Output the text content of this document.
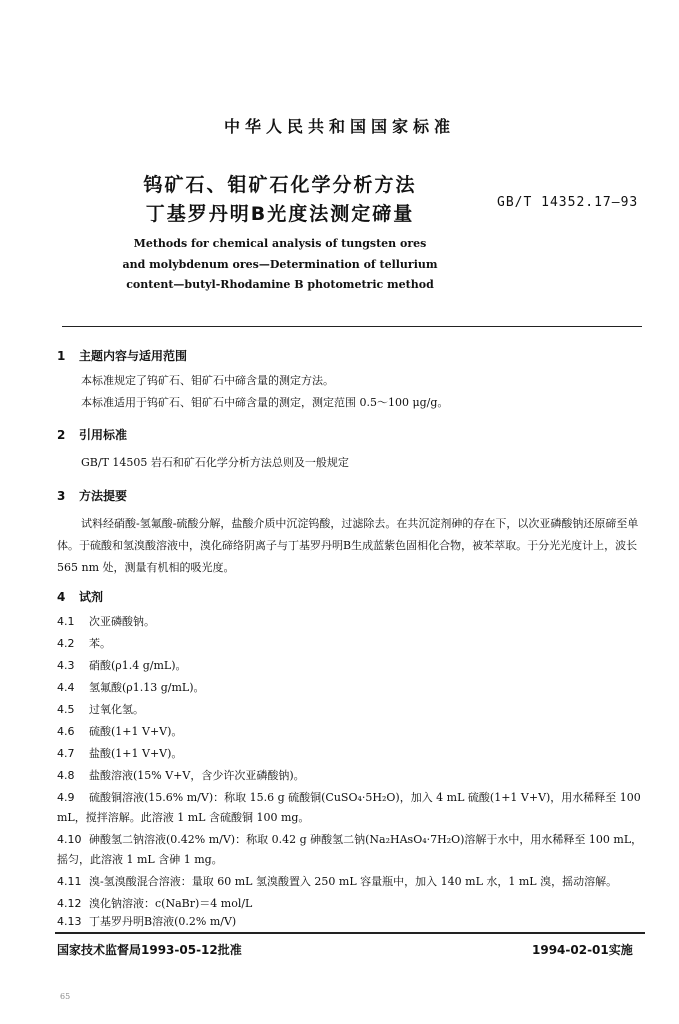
中华人民共和国国家标准
钨矿石、钼矿石化学分析方法
丁基罗丹明B光度法测定碲量
GB/T 14352.17—93
Methods for chemical analysis of tungsten ores
and molybdenum ores—Determination of tellurium
content—butyl-Rhodamine B photometric method
1 主题内容与适用范围
本标准规定了钨矿石、钼矿石中碲含量的测定方法。
本标准适用于钨矿石、钼矿石中碲含量的测定，测定范围 0.5～100 μg/g。
2 引用标准
GB/T 14505 岩石和矿石化学分析方法总则及一般规定
3 方法提要
试料经硝酸-氢氟酸-硫酸分解，盐酸介质中沉淀钨酸，过滤除去。在共沉淀剂砷的存在下，以次亚磷酸钠还原碲至单体。于硫酸和氢溴酸溶液中，溴化碲络阴离子与丁基罗丹明B生成蓝紫色固相化合物，被苯萃取。于分光光度计上，波长 565 nm 处，测量有机相的吸光度。
4 试剂
4.1 次亚磷酸钠。
4.2 苯。
4.3 硝酸(ρ1.4 g/mL)。
4.4 氢氟酸(ρ1.13 g/mL)。
4.5 过氧化氢。
4.6 硫酸(1+1 V+V)。
4.7 盐酸(1+1 V+V)。
4.8 盐酸溶液(15% V+V，含少许次亚磷酸钠)。
4.9 硫酸铜溶液(15.6% m/V)：称取 15.6 g 硫酸铜(CuSO₄·5H₂O)，加入 4 mL 硫酸(1+1 V+V)，用水稀释至 100 mL，搅拌溶解。此溶液 1 mL 含硫酸铜 100 mg。
4.10 砷酸氢二钠溶液(0.42% m/V)：称取 0.42 g 砷酸氢二钠(Na₂HAsO₄·7H₂O)溶解于水中，用水稀释至 100 mL，摇匀，此溶液 1 mL 含砷 1 mg。
4.11 溴-氢溴酸混合溶液：量取 60 mL 氢溴酸置入 250 mL 容量瓶中，加入 140 mL 水，1 mL 溴，摇动溶解。
4.12 溴化钠溶液：c(NaBr)＝4 mol/L
4.13 丁基罗丹明B溶液(0.2% m/V)
国家技术监督局1993-05-12批准	1994-02-01实施
65
